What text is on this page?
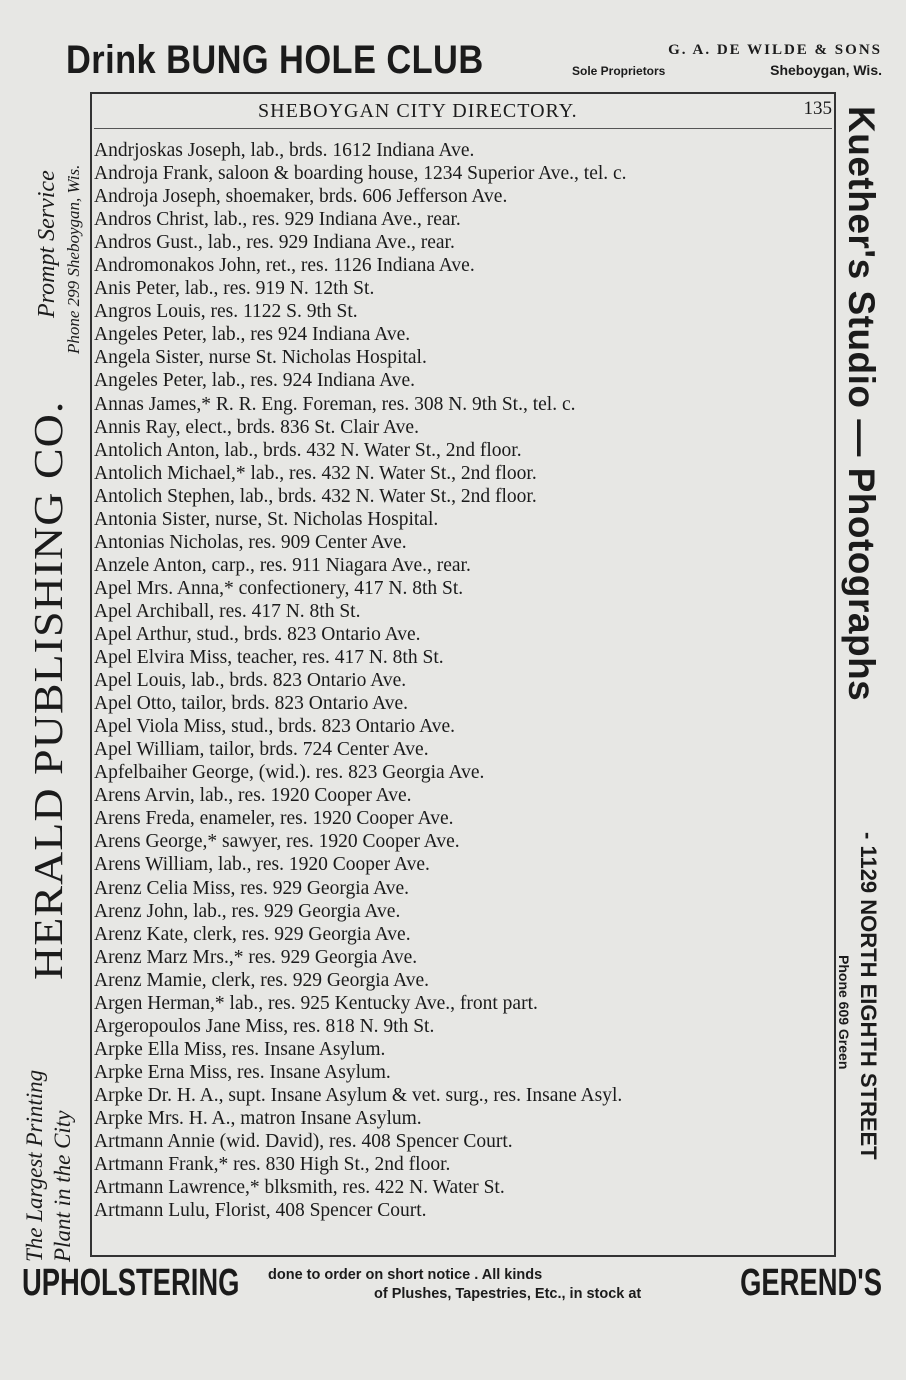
Drink BUNG HOLE CLUB	G. A. DE WILDE & SONS
Sole Proprietors	Sheboygan, Wis.
SHEBOYGAN CITY DIRECTORY.	135
Andrjoskas Joseph, lab., brds. 1612 Indiana Ave.
Androja Frank, saloon & boarding house, 1234 Superior Ave., tel. c.
Androja Joseph, shoemaker, brds. 606 Jefferson Ave.
Andros Christ, lab., res. 929 Indiana Ave., rear.
Andros Gust., lab., res. 929 Indiana Ave., rear.
Andromonakos John, ret., res. 1126 Indiana Ave.
Anis Peter, lab., res. 919 N. 12th St.
Angros Louis, res. 1122 S. 9th St.
Angeles Peter, lab., res 924 Indiana Ave.
Angela Sister, nurse St. Nicholas Hospital.
Angeles Peter, lab., res. 924 Indiana Ave.
Annas James,* R. R. Eng. Foreman, res. 308 N. 9th St., tel. c.
Annis Ray, elect., brds. 836 St. Clair Ave.
Antolich Anton, lab., brds. 432 N. Water St., 2nd floor.
Antolich Michael,* lab., res. 432 N. Water St., 2nd floor.
Antolich Stephen, lab., brds. 432 N. Water St., 2nd floor.
Antonia Sister, nurse, St. Nicholas Hospital.
Antonias Nicholas, res. 909 Center Ave.
Anzele Anton, carp., res. 911 Niagara Ave., rear.
Apel Mrs. Anna,* confectionery, 417 N. 8th St.
Apel Archiball, res. 417 N. 8th St.
Apel Arthur, stud., brds. 823 Ontario Ave.
Apel Elvira Miss, teacher, res. 417 N. 8th St.
Apel Louis, lab., brds. 823 Ontario Ave.
Apel Otto, tailor, brds. 823 Ontario Ave.
Apel Viola Miss, stud., brds. 823 Ontario Ave.
Apel William, tailor, brds. 724 Center Ave.
Apfelbaiher George, (wid.). res. 823 Georgia Ave.
Arens Arvin, lab., res. 1920 Cooper Ave.
Arens Freda, enameler, res. 1920 Cooper Ave.
Arens George,* sawyer, res. 1920 Cooper Ave.
Arens William, lab., res. 1920 Cooper Ave.
Arenz Celia Miss, res. 929 Georgia Ave.
Arenz John, lab., res. 929 Georgia Ave.
Arenz Kate, clerk, res. 929 Georgia Ave.
Arenz Marz Mrs.,* res. 929 Georgia Ave.
Arenz Mamie, clerk, res. 929 Georgia Ave.
Argen Herman,* lab., res. 925 Kentucky Ave., front part.
Argeropoulos Jane Miss, res. 818 N. 9th St.
Arpke Ella Miss, res. Insane Asylum.
Arpke Erna Miss, res. Insane Asylum.
Arpke Dr. H. A., supt. Insane Asylum & vet. surg., res. Insane Asyl.
Arpke Mrs. H. A., matron Insane Asylum.
Artmann Annie (wid. David), res. 408 Spencer Court.
Artmann Frank,* res. 830 High St., 2nd floor.
Artmann Lawrence,* blksmith, res. 422 N. Water St.
Artmann Lulu, Florist, 408 Spencer Court.
Prompt Service Phone 299 Sheboygan, Wis.
HERALD PUBLISHING CO.
The Largest Printing Plant in the City
Kuether's Studio — Photographs
- 1129 NORTH EIGHTH STREET
Phone 609 Green
UPHOLSTERING done to order on short notice . All kinds
of Plushes, Tapestries, Etc., in stock at	GEREND'S
